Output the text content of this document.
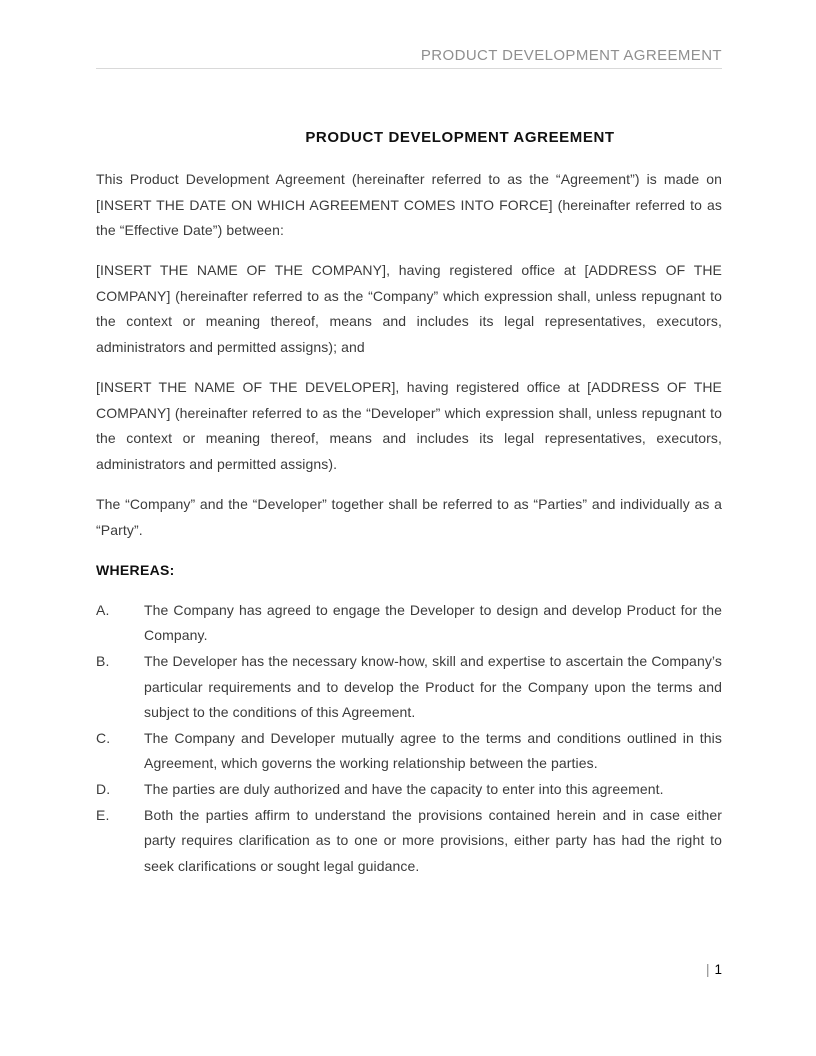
PRODUCT DEVELOPMENT AGREEMENT
PRODUCT DEVELOPMENT AGREEMENT

This Product Development Agreement (hereinafter referred to as the “Agreement”) is made on [INSERT THE DATE ON WHICH AGREEMENT COMES INTO FORCE] (hereinafter referred to as the “Effective Date”) between:

[INSERT THE NAME OF THE COMPANY], having registered office at [ADDRESS OF THE COMPANY] (hereinafter referred to as the “Company” which expression shall, unless repugnant to the context or meaning thereof, means and includes its legal representatives, executors, administrators and permitted assigns); and

[INSERT THE NAME OF THE DEVELOPER], having registered office at [ADDRESS OF THE COMPANY] (hereinafter referred to as the “Developer” which expression shall, unless repugnant to the context or meaning thereof, means and includes its legal representatives, executors, administrators and permitted assigns).

The “Company” and the “Developer” together shall be referred to as “Parties” and individually as a “Party”.

WHEREAS:
A.	The Company has agreed to engage the Developer to design and develop Product for the Company.
B.	The Developer has the necessary know-how, skill and expertise to ascertain the Company’s particular requirements and to develop the Product for the Company upon the terms and subject to the conditions of this Agreement.
C.	The Company and Developer mutually agree to the terms and conditions outlined in this Agreement, which governs the working relationship between the parties.
D.	The parties are duly authorized and have the capacity to enter into this agreement.
E.	Both the parties affirm to understand the provisions contained herein and in case either party requires clarification as to one or more provisions, either party has had the right to seek clarifications or sought legal guidance.
| 1
